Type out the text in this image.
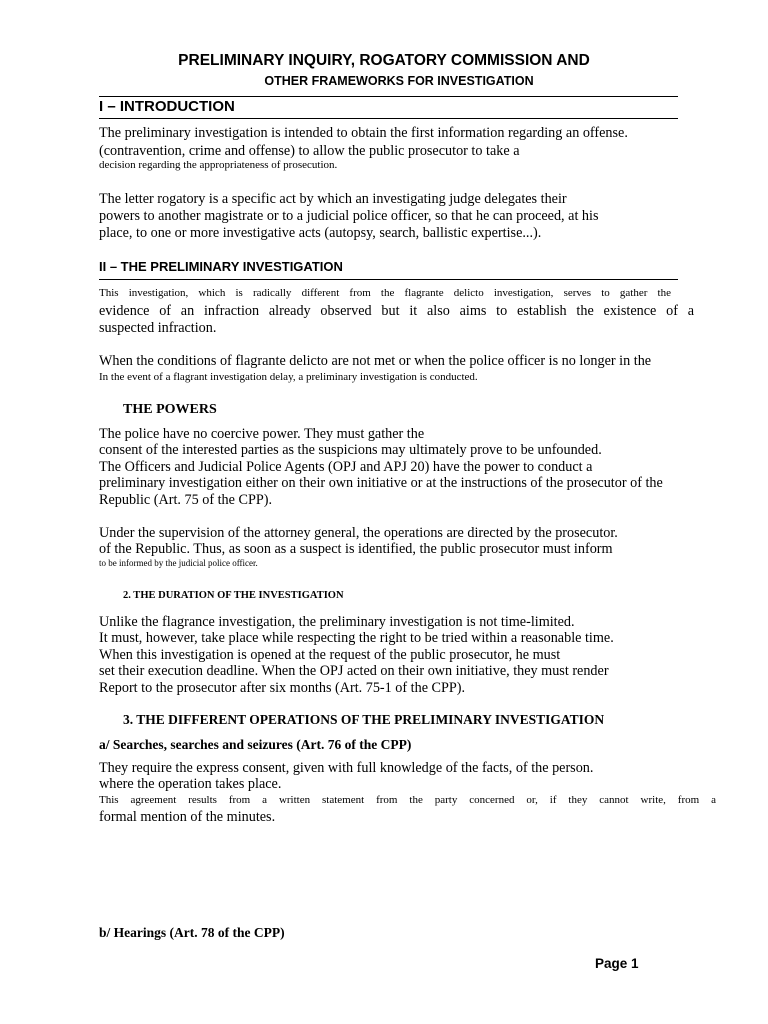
PRELIMINARY INQUIRY, ROGATORY COMMISSION AND
OTHER FRAMEWORKS FOR INVESTIGATION
I – INTRODUCTION
The preliminary investigation is intended to obtain the first information regarding an offense.
(contravention, crime and offense) to allow the public prosecutor to take a
decision regarding the appropriateness of prosecution.
The letter rogatory is a specific act by which an investigating judge delegates their
powers to another magistrate or to a judicial police officer, so that he can proceed, at his
place, to one or more investigative acts (autopsy, search, ballistic expertise...).
II – THE PRELIMINARY INVESTIGATION
This investigation, which is radically different from the flagrante delicto investigation, serves to gather the
evidence of an infraction already observed but it also aims to establish the existence of a
suspected infraction.
When the conditions of flagrante delicto are not met or when the police officer is no longer in the
In the event of a flagrant investigation delay, a preliminary investigation is conducted.
THE POWERS
The police have no coercive power. They must gather the
consent of the interested parties as the suspicions may ultimately prove to be unfounded.
The Officers and Judicial Police Agents (OPJ and APJ 20) have the power to conduct a
preliminary investigation either on their own initiative or at the instructions of the prosecutor of the
Republic (Art. 75 of the CPP).
Under the supervision of the attorney general, the operations are directed by the prosecutor.
of the Republic. Thus, as soon as a suspect is identified, the public prosecutor must inform
to be informed by the judicial police officer.
2. THE DURATION OF THE INVESTIGATION
Unlike the flagrance investigation, the preliminary investigation is not time-limited.
It must, however, take place while respecting the right to be tried within a reasonable time.
When this investigation is opened at the request of the public prosecutor, he must
set their execution deadline. When the OPJ acted on their own initiative, they must render
Report to the prosecutor after six months (Art. 75-1 of the CPP).
3. THE DIFFERENT OPERATIONS OF THE PRELIMINARY INVESTIGATION
a/ Searches, searches and seizures (Art. 76 of the CPP)
They require the express consent, given with full knowledge of the facts, of the person.
where the operation takes place.
This agreement results from a written statement from the party concerned or, if they cannot write, from a
formal mention of the minutes.
b/ Hearings (Art. 78 of the CPP)
Page 1
